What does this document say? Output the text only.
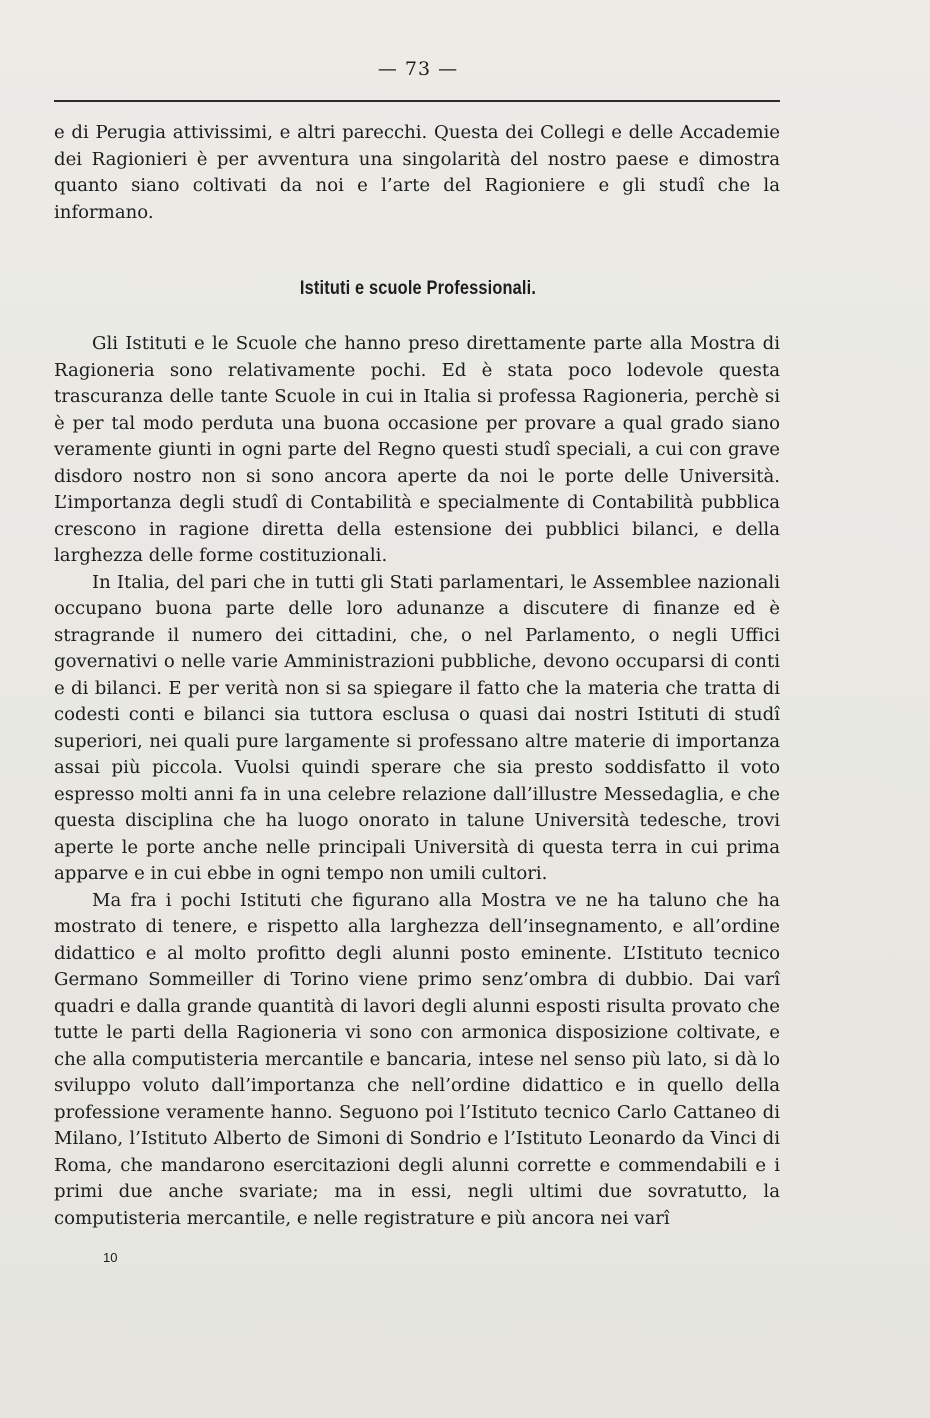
— 73 —

e di Perugia attivissimi, e altri parecchi. Questa dei Collegi e delle Accademie dei Ragionieri è per avventura una singolarità del nostro paese e dimostra quanto siano coltivati da noi e l’arte del Ragioniere e gli studî che la informano.

Istituti e scuole Professionali.

Gli Istituti e le Scuole che hanno preso direttamente parte alla Mostra di Ragioneria sono relativamente pochi. Ed è stata poco lodevole questa trascuranza delle tante Scuole in cui in Italia si professa Ragioneria, perchè si è per tal modo perduta una buona occasione per provare a qual grado siano veramente giunti in ogni parte del Regno questi studî speciali, a cui con grave disdoro nostro non si sono ancora aperte da noi le porte delle Università. L’importanza degli studî di Contabilità e specialmente di Contabilità pubblica crescono in ragione diretta della estensione dei pubblici bilanci, e della larghezza delle forme costituzionali.

In Italia, del pari che in tutti gli Stati parlamentari, le Assemblee nazionali occupano buona parte delle loro adunanze a discutere di finanze ed è stragrande il numero dei cittadini, che, o nel Parlamento, o negli Uffici governativi o nelle varie Amministrazioni pubbliche, devono occuparsi di conti e di bilanci. E per verità non si sa spiegare il fatto che la materia che tratta di codesti conti e bilanci sia tuttora esclusa o quasi dai nostri Istituti di studî superiori, nei quali pure largamente si professano altre materie di importanza assai più piccola. Vuolsi quindi sperare che sia presto soddisfatto il voto espresso molti anni fa in una celebre relazione dall’illustre Messedaglia, e che questa disciplina che ha luogo onorato in talune Università tedesche, trovi aperte le porte anche nelle principali Università di questa terra in cui prima apparve e in cui ebbe in ogni tempo non umili cultori.

Ma fra i pochi Istituti che figurano alla Mostra ve ne ha taluno che ha mostrato di tenere, e rispetto alla larghezza dell’insegnamento, e all’ordine didattico e al molto profitto degli alunni posto eminente. L’Istituto tecnico Germano Sommeiller di Torino viene primo senz’ombra di dubbio. Dai varî quadri e dalla grande quantità di lavori degli alunni esposti risulta provato che tutte le parti della Ragioneria vi sono con armonica disposizione coltivate, e che alla computisteria mercantile e bancaria, intese nel senso più lato, si dà lo sviluppo voluto dall’importanza che nell’ordine didattico e in quello della professione veramente hanno. Seguono poi l’Istituto tecnico Carlo Cattaneo di Milano, l’Istituto Alberto de Simoni di Sondrio e l’Istituto Leonardo da Vinci di Roma, che mandarono esercitazioni degli alunni corrette e commendabili e i primi due anche svariate; ma in essi, negli ultimi due sovratutto, la computisteria mercantile, e nelle registrature e più ancora nei varî

10
